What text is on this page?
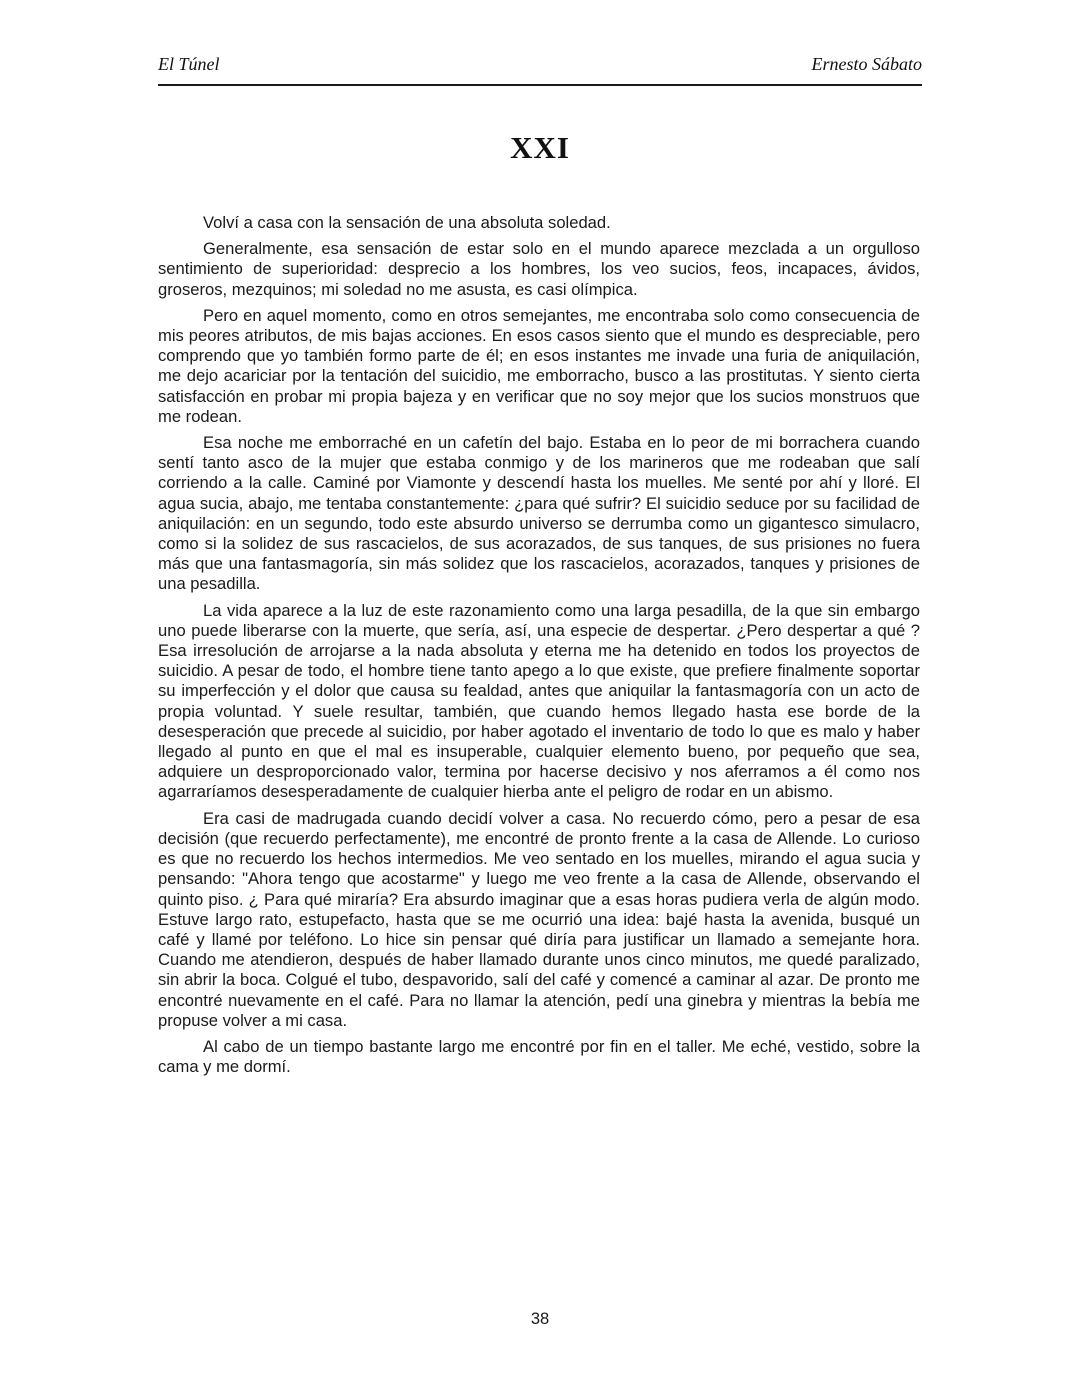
El Túnel	Ernesto Sábato
XXI

Volví a casa con la sensación de una absoluta soledad.

Generalmente, esa sensación de estar solo en el mundo aparece mezclada a un orgulloso sentimiento de superioridad: desprecio a los hombres, los veo sucios, feos, incapaces, ávidos, groseros, mezquinos; mi soledad no me asusta, es casi olímpica.

Pero en aquel momento, como en otros semejantes, me encontraba solo como consecuencia de mis peores atributos, de mis bajas acciones. En esos casos siento que el mundo es despreciable, pero comprendo que yo también formo parte de él; en esos instantes me invade una furia de aniquilación, me dejo acariciar por la tentación del suicidio, me emborracho, busco a las prostitutas. Y siento cierta satisfacción en probar mi propia bajeza y en verificar que no soy mejor que los sucios monstruos que me rodean.

Esa noche me emborraché en un cafetín del bajo. Estaba en lo peor de mi borrachera cuando sentí tanto asco de la mujer que estaba conmigo y de los marineros que me rodeaban que salí corriendo a la calle. Caminé por Viamonte y descendí hasta los muelles. Me senté por ahí y lloré. El agua sucia, abajo, me tentaba constantemente: ¿para qué sufrir? El suicidio seduce por su facilidad de aniquilación: en un segundo, todo este absurdo universo se derrumba como un gigantesco simulacro, como si la solidez de sus rascacielos, de sus acorazados, de sus tanques, de sus prisiones no fuera más que una fantasmagoría, sin más solidez que los rascacielos, acorazados, tanques y prisiones de una pesadilla.

La vida aparece a la luz de este razonamiento como una larga pesadilla, de la que sin embargo uno puede liberarse con la muerte, que sería, así, una especie de despertar. ¿Pero despertar a qué ? Esa irresolución de arrojarse a la nada absoluta y eterna me ha detenido en todos los proyectos de suicidio. A pesar de todo, el hombre tiene tanto apego a lo que existe, que prefiere finalmente soportar su imperfección y el dolor que causa su fealdad, antes que aniquilar la fantasmagoría con un acto de propia voluntad. Y suele resultar, también, que cuando hemos llegado hasta ese borde de la desesperación que precede al suicidio, por haber agotado el inventario de todo lo que es malo y haber llegado al punto en que el mal es insuperable, cualquier elemento bueno, por pequeño que sea, adquiere un desproporcionado valor, termina por hacerse decisivo y nos aferramos a él como nos agarraríamos desesperadamente de cualquier hierba ante el peligro de rodar en un abismo.

Era casi de madrugada cuando decidí volver a casa. No recuerdo cómo, pero a pesar de esa decisión (que recuerdo perfectamente), me encontré de pronto frente a la casa de Allende. Lo curioso es que no recuerdo los hechos intermedios. Me veo sentado en los muelles, mirando el agua sucia y pensando: "Ahora tengo que acostarme" y luego me veo frente a la casa de Allende, observando el quinto piso. ¿ Para qué miraría? Era absurdo imaginar que a esas horas pudiera verla de algún modo. Estuve largo rato, estupefacto, hasta que se me ocurrió una idea: bajé hasta la avenida, busqué un café y llamé por teléfono. Lo hice sin pensar qué diría para justificar un llamado a semejante hora. Cuando me atendieron, después de haber llamado durante unos cinco minutos, me quedé paralizado, sin abrir la boca. Colgué el tubo, despavorido, salí del café y comencé a caminar al azar. De pronto me encontré nuevamente en el café. Para no llamar la atención, pedí una ginebra y mientras la bebía me propuse volver a mi casa.

Al cabo de un tiempo bastante largo me encontré por fin en el taller. Me eché, vestido, sobre la cama y me dormí.

38
